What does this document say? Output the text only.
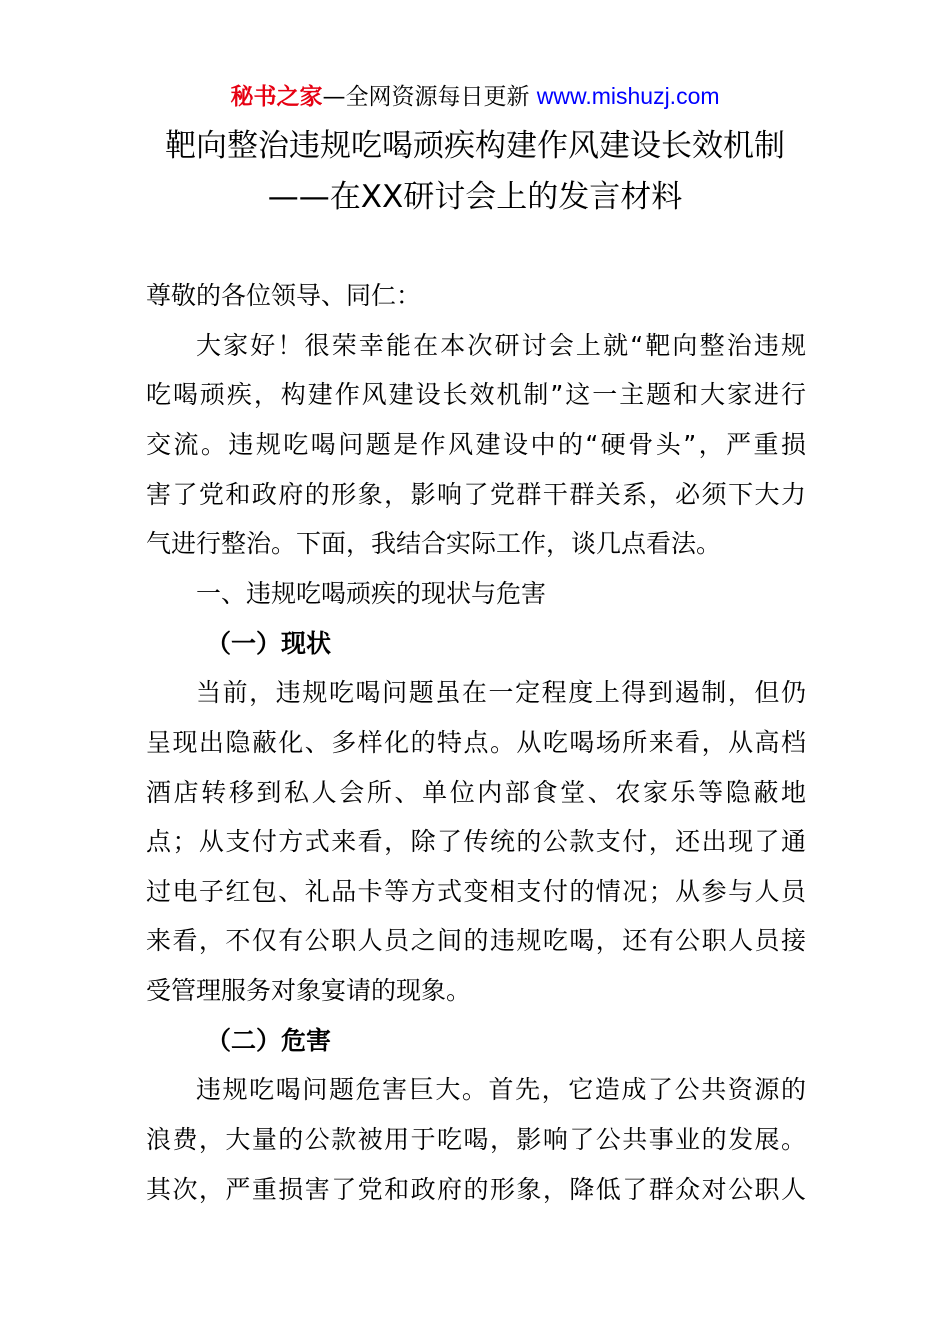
秘书之家—全网资源每日更新 www.mishuzj.com
靶向整治违规吃喝顽疾构建作风建设长效机制
——在XX研讨会上的发言材料
尊敬的各位领导、同仁：
大家好！很荣幸能在本次研讨会上就“靶向整治违规
吃喝顽疾，构建作风建设长效机制”这一主题和大家进行
交流。违规吃喝问题是作风建设中的“硬骨头”，严重损
害了党和政府的形象，影响了党群干群关系，必须下大力
气进行整治。下面，我结合实际工作，谈几点看法。
一、违规吃喝顽疾的现状与危害
（一）现状
当前，违规吃喝问题虽在一定程度上得到遏制，但仍
呈现出隐蔽化、多样化的特点。从吃喝场所来看，从高档
酒店转移到私人会所、单位内部食堂、农家乐等隐蔽地
点；从支付方式来看，除了传统的公款支付，还出现了通
过电子红包、礼品卡等方式变相支付的情况；从参与人员
来看，不仅有公职人员之间的违规吃喝，还有公职人员接
受管理服务对象宴请的现象。
（二）危害
违规吃喝问题危害巨大。首先，它造成了公共资源的
浪费，大量的公款被用于吃喝，影响了公共事业的发展。
其次，严重损害了党和政府的形象，降低了群众对公职人
